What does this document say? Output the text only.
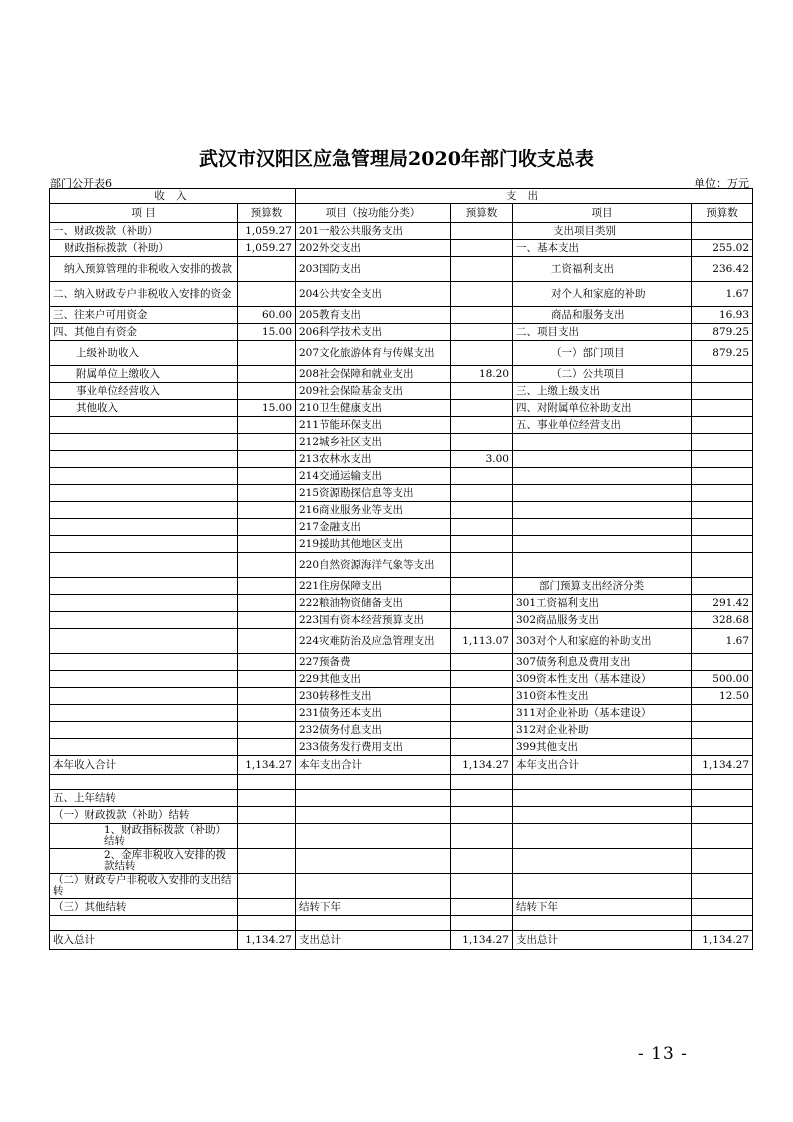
武汉市汉阳区应急管理局2020年部门收支总表
部门公开表6	单位：万元
收 入		支 出			
项 目	预算数	项目（按功能分类）	预算数	项目	预算数
一、财政拨款（补助）	1,059.27	201一般公共服务支出		支出项目类别	
财政指标拨款（补助）	1,059.27	202外交支出		一、基本支出	255.02
纳入预算管理的非税收入安排的拨款		203国防支出		工资福利支出	236.42
二、纳入财政专户非税收入安排的资金		204公共安全支出		对个人和家庭的补助	1.67
三、往来户可用资金	60.00	205教育支出		商品和服务支出	16.93
四、其他自有资金	15.00	206科学技术支出		二、项目支出	879.25
上级补助收入		207文化旅游体育与传媒支出		（一）部门项目	879.25
附属单位上缴收入		208社会保障和就业支出	18.20	（二）公共项目	
事业单位经营收入		209社会保险基金支出		三、上缴上级支出	
其他收入	15.00	210卫生健康支出		四、对附属单位补助支出	
		211节能环保支出		五、事业单位经营支出	
		212城乡社区支出			
		213农林水支出	3.00		
		214交通运输支出			
		215资源勘探信息等支出			
		216商业服务业等支出			
		217金融支出			
		219援助其他地区支出			
		220自然资源海洋气象等支出			
		221住房保障支出		部门预算支出经济分类	
		222粮油物资储备支出		301工资福利支出	291.42
		223国有资本经营预算支出		302商品服务支出	328.68
		224灾难防治及应急管理支出	1,113.07	303对个人和家庭的补助支出	1.67
		227预备费		307债务利息及费用支出	
		229其他支出		309资本性支出（基本建设）	500.00
		230转移性支出		310资本性支出	12.50
		231债务还本支出		311对企业补助（基本建设）	
		232债务付息支出		312对企业补助	
		233债务发行费用支出		399其他支出	
本年收入合计	1,134.27	本年支出合计	1,134.27	本年支出合计	1,134.27

五、上年结转					
（一）财政拨款（补助）结转					
1、财政指标拨款（补助）结转					
2、金库非税收入安排的拨款结转					
（二）财政专户非税收入安排的支出结转					
（三）其他结转		结转下年		结转下年	

收入总计	1,134.27	支出总计	1,134.27	支出总计	1,134.27
- 13 -
